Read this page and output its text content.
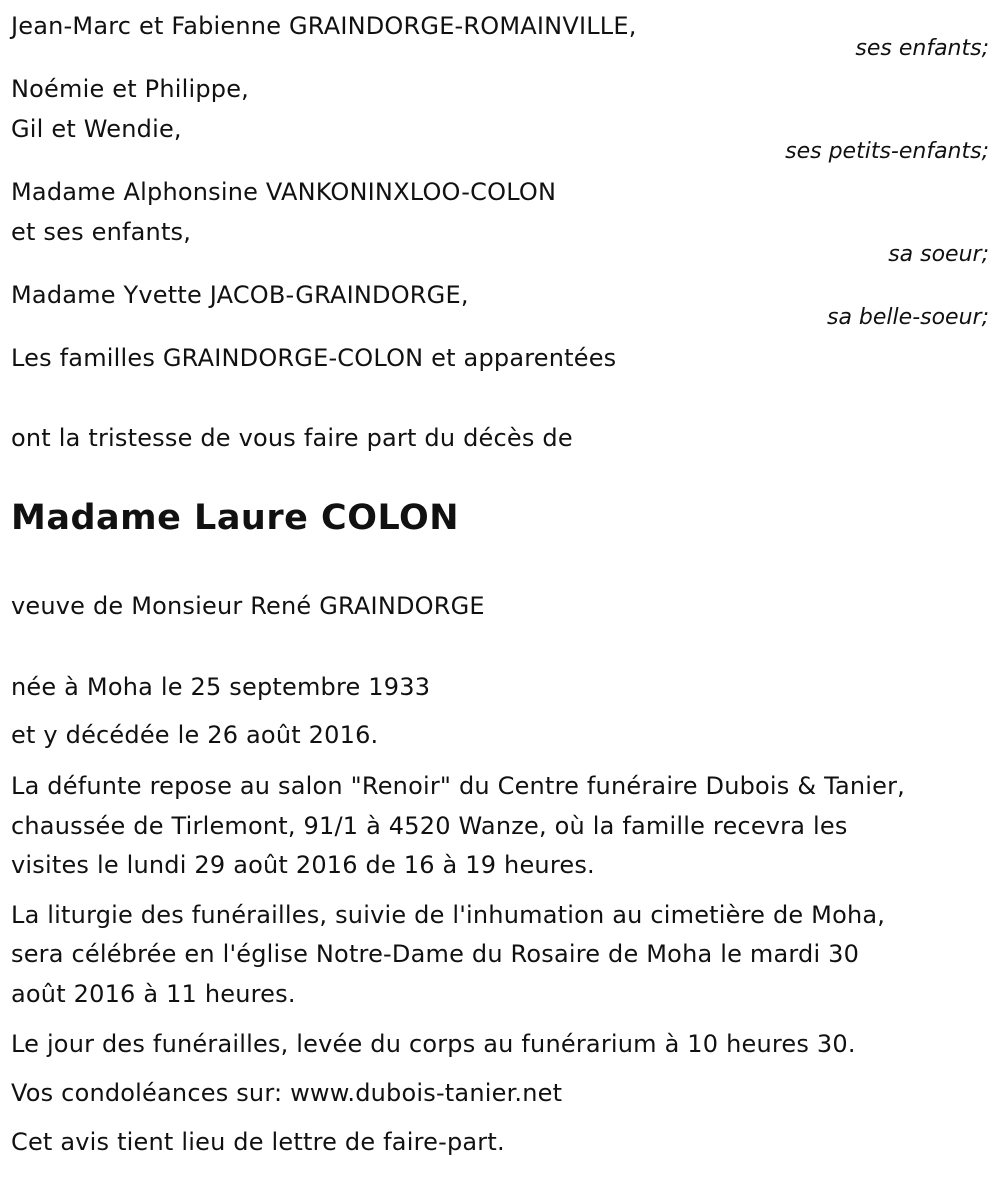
Jean-Marc et Fabienne GRAINDORGE-ROMAINVILLE,
ses enfants;
Noémie et Philippe,
Gil et Wendie,
ses petits-enfants;
Madame Alphonsine VANKONINXLOO-COLON
et ses enfants,
sa soeur;
Madame Yvette JACOB-GRAINDORGE,
sa belle-soeur;
Les familles GRAINDORGE-COLON et apparentées
ont la tristesse de vous faire part du décès de
Madame Laure COLON
veuve de Monsieur René GRAINDORGE
née à Moha le 25 septembre 1933
et y décédée le 26 août 2016.
La défunte repose au salon "Renoir" du Centre funéraire Dubois & Tanier,
chaussée de Tirlemont, 91/1 à 4520 Wanze, où la famille recevra les
visites le lundi 29 août 2016 de 16 à 19 heures.
La liturgie des funérailles, suivie de l'inhumation au cimetière de Moha,
sera célébrée en l'église Notre-Dame du Rosaire de Moha le mardi 30
août 2016 à 11 heures.
Le jour des funérailles, levée du corps au funérarium à 10 heures 30.
Vos condoléances sur: www.dubois-tanier.net
Cet avis tient lieu de lettre de faire-part.
